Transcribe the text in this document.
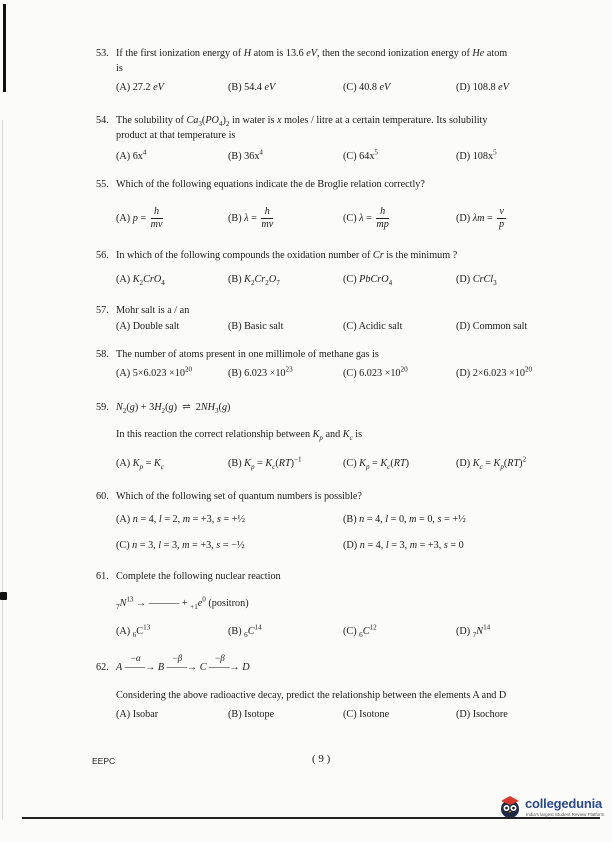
53. If the first ionization energy of H atom is 13.6 eV, then the second ionization energy of He atom
is
(A) 27.2 eV	(B) 54.4 eV	(C) 40.8 eV	(D) 108.8 eV
54. The solubility of $Ca_3(PO_4)_2$ in water is x moles / litre at a certain temperature. Its solubility
product at that temperature is
(A) $6x^4$	(B) $36x^4$	(C) $64x^5$	(D) $108x^5$
55. Which of the following equations indicate the de Broglie relation correctly?
(A) $p = \frac{h}{mv}$	(B) $\lambda = \frac{h}{mv}$	(C) $\lambda = \frac{h}{mp}$	(D) $\lambda m = \frac{v}{p}$
56. In which of the following compounds the oxidation number of Cr is the minimum ?
(A) $K_2CrO_4$	(B) $K_2Cr_2O_7$	(C) PbCrO$_4$	(D) CrCl$_3$
57. Mohr salt is a / an
(A) Double salt	(B) Basic salt	(C) Acidic salt	(D) Common salt
58. The number of atoms present in one millimole of methane gas is
(A) $5\times 6.023 \times 10^{20}$	(B) $6.023 \times 10^{23}$	(C) $6.023 \times 10^{20}$	(D) $2\times 6.023 \times 10^{20}$
59. $N_2(g) + 3H_2(g)$  ⇌  $2NH_3(g)$
In this reaction the correct relationship between $K_p$ and $K_c$ is
(A) $K_p = K_c$	(B) $K_p = K_c(RT)^{-1}$	(C) $K_p = K_c(RT)$	(D) $K_c = K_p(RT)^2$
60. Which of the following set of quantum numbers is possible?
(A) n = 4, l = 2, m = +3, s = +½	(B) n = 4, l = 0, m = 0, s = +½
(C) n = 3, l = 3, m = +3, s = −½	(D) n = 4, l = 3, m = +3, s = 0
61. Complete the following nuclear reaction
$_7N^{13}$ → ——— + $_{+1}e^0$ (positron)
(A) $_6C^{13}$	(B) $_6C^{14}$	(C) $_6C^{12}$	(D) $_7N^{14}$
62. A
−α
——→ B
−β
——→ C
−β
——→ D
Considering the above radioactive decay, predict the relationship between the elements A and D
(A) Isobar	(B) Isotope	(C) Isotone	(D) Isochore
EEPC	( 9 )
collegedunia
India's largest Student Review Platform
